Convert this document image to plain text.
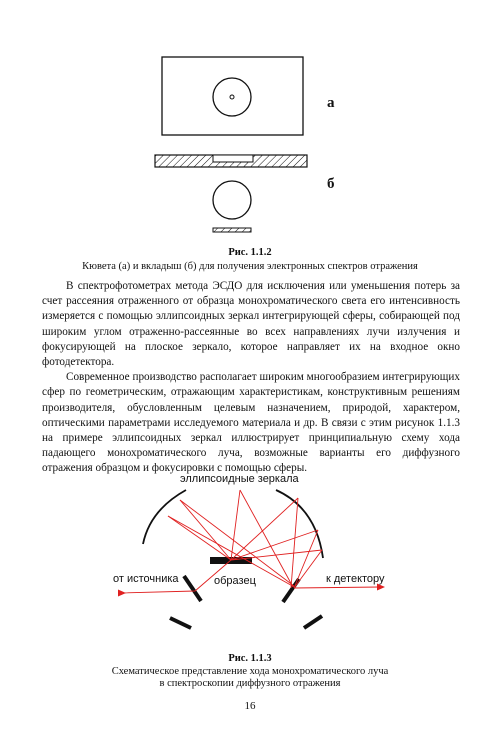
а
б
Рис. 1.1.2
Кювета (а) и вкладыш (б) для получения электронных спектров отражения

В спектрофотометрах метода ЭСДО для исключения или уменьшения потерь за счет рассеяния отраженного от образца монохроматического света его интенсивность измеряется с помощью эллипсоидных зеркал интегрирующей сферы, собирающей под широким углом отраженно-рассеянные во всех направлениях лучи излучения и фокусирующей на плоское зеркало, которое направляет их на входное окно фотодетектора.

Современное производство располагает широким многообразием интегрирующих сфер по геометрическим, отражающим характеристикам, конструктивным решениям производителя, обусловленным целевым назначением, природой, характером, оптическими параметрами исследуемого материала и др. В связи с этим рисунок 1.1.3 на примере эллипсоидных зеркал иллюстрирует принципиальную схему хода падающего монохроматического луча, возможные варианты его диффузного отражения образцом и фокусировки с помощью сферы.

эллипсоидные зеркала
от источника	образец	к детектору
Рис. 1.1.3
Схематическое представление хода монохроматического луча
в спектроскопии диффузного отражения
16
